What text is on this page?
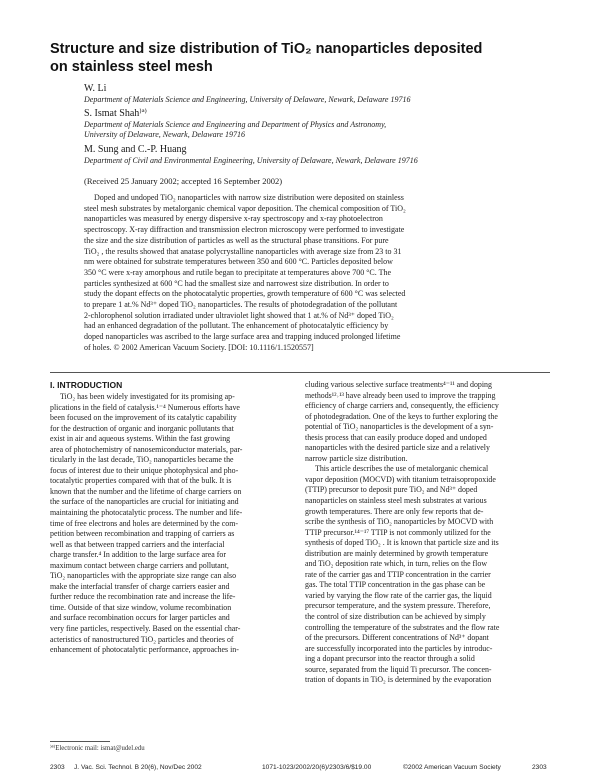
Structure and size distribution of TiO₂ nanoparticles deposited
on stainless steel mesh
W. Li
Department of Materials Science and Engineering, University of Delaware, Newark, Delaware 19716
S. Ismat Shah⁾ª⁾
Department of Materials Science and Engineering and Department of Physics and Astronomy,
University of Delaware, Newark, Delaware 19716
M. Sung and C.-P. Huang
Department of Civil and Environmental Engineering, University of Delaware, Newark, Delaware 19716
(Received 25 January 2002; accepted 16 September 2002)
Doped and undoped TiO₂ nanoparticles with narrow size distribution were deposited on stainless
steel mesh substrates by metalorganic chemical vapor deposition. The chemical composition of TiO₂
nanoparticles was measured by energy dispersive x-ray spectroscopy and x-ray photoelectron
spectroscopy. X-ray diffraction and transmission electron microscopy were performed to investigate
the size and the size distribution of particles as well as the structural phase transitions. For pure
TiO₂ , the results showed that anatase polycrystalline nanoparticles with average size from 23 to 31
nm were obtained for substrate temperatures between 350 and 600 °C. Particles deposited below
350 °C were x-ray amorphous and rutile began to precipitate at temperatures above 700 °C. The
particles synthesized at 600 °C had the smallest size and narrowest size distribution. In order to
study the dopant effects on the photocatalytic properties, growth temperature of 600 °C was selected
to prepare 1 at.% Nd³⁺ doped TiO₂ nanoparticles. The results of photodegradation of the pollutant
2-chlorophenol solution irradiated under ultraviolet light showed that 1 at.% of Nd³⁺ doped TiO₂
had an enhanced degradation of the pollutant. The enhancement of photocatalytic efficiency by
doped nanoparticles was ascribed to the large surface area and trapping induced prolonged lifetime
of holes. © 2002 American Vacuum Society. [DOI: 10.1116/1.1520557]
I. INTRODUCTION
TiO₂ has been widely investigated for its promising ap-
plications in the field of catalysis.¹⁻⁴ Numerous efforts have
been focused on the improvement of its catalytic capability
for the destruction of organic and inorganic pollutants that
exist in air and aqueous systems. Within the fast growing
area of photochemistry of nanosemiconductor materials, par-
ticularly in the last decade, TiO₂ nanoparticles became the
focus of interest due to their unique photophysical and pho-
tocatalytic properties compared with that of the bulk. It is
known that the number and the lifetime of charge carriers on
the surface of the nanoparticles are crucial for initiating and
maintaining the photocatalytic process. The number and life-
time of free electrons and holes are determined by the com-
petition between recombination and trapping of carriers as
well as that between trapped carriers and the interfacial
charge transfer.⁴ In addition to the large surface area for
maximum contact between charge carriers and pollutant,
TiO₂ nanoparticles with the appropriate size range can also
make the interfacial transfer of charge carriers easier and
further reduce the recombination rate and increase the life-
time. Outside of that size window, volume recombination
and surface recombination occurs for larger particles and
very fine particles, respectively. Based on the essential char-
acteristics of nanostructured TiO₂ particles and theories of
enhancement of photocatalytic performance, approaches in-
cluding various selective surface treatments⁴⁻¹¹ and doping
methods¹²˒¹³ have already been used to improve the trapping
efficiency of charge carriers and, consequently, the efficiency
of photodegradation. One of the keys to further exploring the
potential of TiO₂ nanoparticles is the development of a syn-
thesis process that can easily produce doped and undoped
nanoparticles with the desired particle size and a relatively
narrow particle size distribution.
This article describes the use of metalorganic chemical
vapor deposition (MOCVD) with titanium tetraisopropoxide
(TTIP) precursor to deposit pure TiO₂ and Nd³⁺ doped
nanoparticles on stainless steel mesh substrates at various
growth temperatures. There are only few reports that de-
scribe the synthesis of TiO₂ nanoparticles by MOCVD with
TTIP precursor.¹⁴⁻¹⁷ TTIP is not commonly utilized for the
synthesis of doped TiO₂ . It is known that particle size and its
distribution are mainly determined by growth temperature
and TiO₂ deposition rate which, in turn, relies on the flow
rate of the carrier gas and TTIP concentration in the carrier
gas. The total TTIP concentration in the gas phase can be
varied by varying the flow rate of the carrier gas, the liquid
precursor temperature, and the system pressure. Therefore,
the control of size distribution can be achieved by simply
controlling the temperature of the substrates and the flow rate
of the precursors. Different concentrations of Nd³⁺ dopant
are successfully incorporated into the particles by introduc-
ing a dopant precursor into the reactor through a solid
source, separated from the liquid Ti precursor. The concen-
tration of dopants in TiO₂ is determined by the evaporation
⁾ª⁾Electronic mail: ismat@udel.edu
2303 J. Vac. Sci. Technol. B 20(6), Nov/Dec 2002	1071-1023/2002/20(6)/2303/6/$19.00	©2002 American Vacuum Society	2303
